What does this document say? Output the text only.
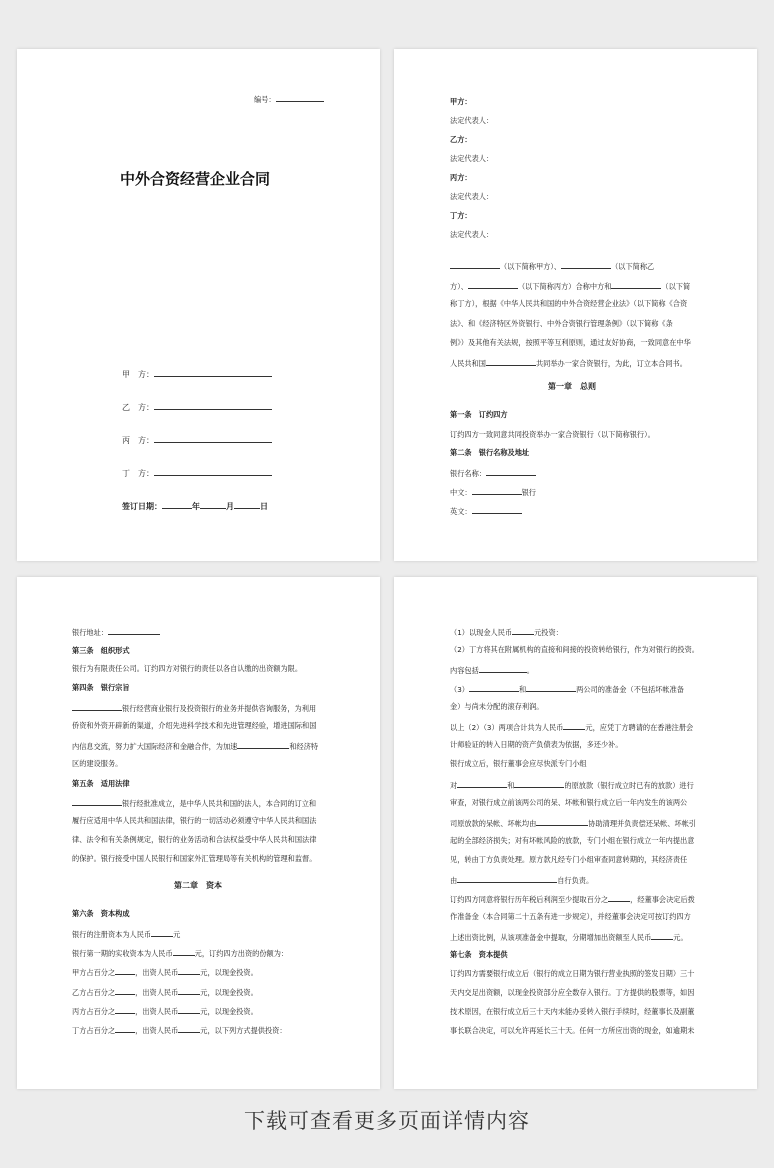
编号：
中外合资经营企业合同
甲　方：
乙　方：
丙　方：
丁　方：
签订日期：	年	月	日
甲方：
法定代表人：
乙方：
法定代表人：
丙方：
法定代表人：
丁方：
法定代表人：
（以下简称甲方）、	（以下简称乙
方）、	（以下简称丙方）合称中方和	（以下简
称丁方），根据《中华人民共和国的中外合资经营企业法》（以下简称《合资
法》、和《经济特区外资银行、中外合资银行管理条例》（以下简称《条
例》）及其他有关法规，按照平等互利原则，通过友好协商，一致同意在中华
人民共和国	共同举办一家合资银行，为此，订立本合同书。
第一章　总则
第一条　订约四方
订约四方一致同意共同投资举办一家合资银行（以下简称银行）。
第二条　银行名称及地址
银行名称：
中文：	银行
英文：
银行地址：
第三条　组织形式
银行为有限责任公司。订约四方对银行的责任以各自认缴的出资额为限。
第四条　银行宗旨
银行经营商业银行及投资银行的业务并提供咨询服务，为利用
侨资和外资开辟新的渠道，介绍先进科学技术和先进管理经验，增进国际和国
内信息交流，努力扩大国际经济和金融合作，为加速	和经济特
区的建设服务。
第五条　适用法律
银行经批准成立，是中华人民共和国的法人，本合同的订立和
履行应适用中华人民共和国法律，银行的一切活动必须遵守中华人民共和国法
律、法令和有关条例规定，银行的业务活动和合法权益受中华人民共和国法律
的保护。银行接受中国人民银行和国家外汇管理局等有关机构的管理和监督。
第二章　资本
第六条　资本构成
银行的注册资本为人民币	元
银行第一期的实收资本为人民币	元，订约四方出资的份额为：
甲方占百分之	，出资人民币	元，以现金投资。
乙方占百分之	，出资人民币	元，以现金投资。
丙方占百分之	，出资人民币	元，以现金投资。
丁方占百分之	，出资人民币	元，以下列方式提供投资：
（1）以现金人民币	元投资：
（2）丁方将其在附属机构的直接和间接的投资转给银行，作为对银行的投资。
内容包括	。
（3）	和	两公司的准备金（不包括坏帐准备
金）与尚未分配的滚存利润。
以上（2）（3）两项合计共为人民币	元，应凭丁方聘请的在香港注册会
计师验证的转入日期的资产负债表为依据，多还少补。
银行成立后，银行董事会应尽快派专门小组
对	和	的原放款（银行成立时已有的放款）进行
审查，对银行成立前该两公司的呆、坏帐和银行成立后一年内发生的该两公
司原放款的呆帐、坏帐均由	协助清理并负责偿还呆帐、坏帐引
起的全部经济损失；对有坏帐风险的放款，专门小组在银行成立一年内提出意
见，转由丁方负责处理。原方款凡经专门小组审查同意转期的，其经济责任
由	自行负责。
订约四方同意将银行历年税后利润至少提取百分之	，经董事会决定后拨
作准备金（本合同第二十五条有进一步规定），并经董事会决定可按订约四方
上述出资比例，从该项准备金中提取，分期增加出资额至人民币	元。
第七条　资本提供
订约四方需要银行成立后（银行的成立日期为银行营业执照的签发日期）三十
天内交足出资额，以现金投资部分应全数存入银行。丁方提供的股票等，如因
技术原因，在银行成立后三十天内未能办妥转入银行手续时，经董事长及副董
事长联合决定，可以允许再延长三十天。任何一方所应出资的现金，如逾期未
下载可查看更多页面详情内容
